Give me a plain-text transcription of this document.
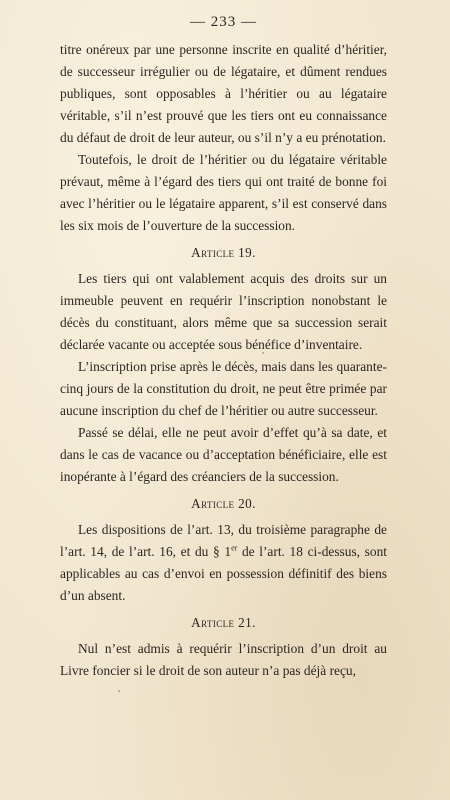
— 233 —

titre onéreux par une personne inscrite en qualité d’héritier, de successeur irrégulier ou de légataire, et dûment rendues publiques, sont opposables à l’héritier ou au légataire véritable, s’il n’est prouvé que les tiers ont eu connaissance du défaut de droit de leur auteur, ou s’il n’y a eu prénotation.

Toutefois, le droit de l’héritier ou du légataire véritable prévaut, même à l’égard des tiers qui ont traité de bonne foi avec l’héritier ou le légataire apparent, s’il est conservé dans les six mois de l’ouverture de la succession.

Article 19.

Les tiers qui ont valablement acquis des droits sur un immeuble peuvent en requérir l’inscription nonobstant le décès du constituant, alors même que sa succession serait déclarée vacante ou acceptée sous bénéfice d’inventaire.

L’inscription prise après le décès, mais dans les quarante-cinq jours de la constitution du droit, ne peut être primée par aucune inscription du chef de l’héritier ou autre successeur.

Passé se délai, elle ne peut avoir d’effet qu’à sa date, et dans le cas de vacance ou d’acceptation bénéficiaire, elle est inopérante à l’égard des créanciers de la succession.

Article 20.

Les dispositions de l’art. 13, du troisième paragraphe de l’art. 14, de l’art. 16, et du § 1er de l’art. 18 ci-dessus, sont applicables au cas d’envoi en possession définitif des biens d’un absent.

Article 21.

Nul n’est admis à requérir l’inscription d’un droit au Livre foncier si le droit de son auteur n’a pas déjà reçu,
